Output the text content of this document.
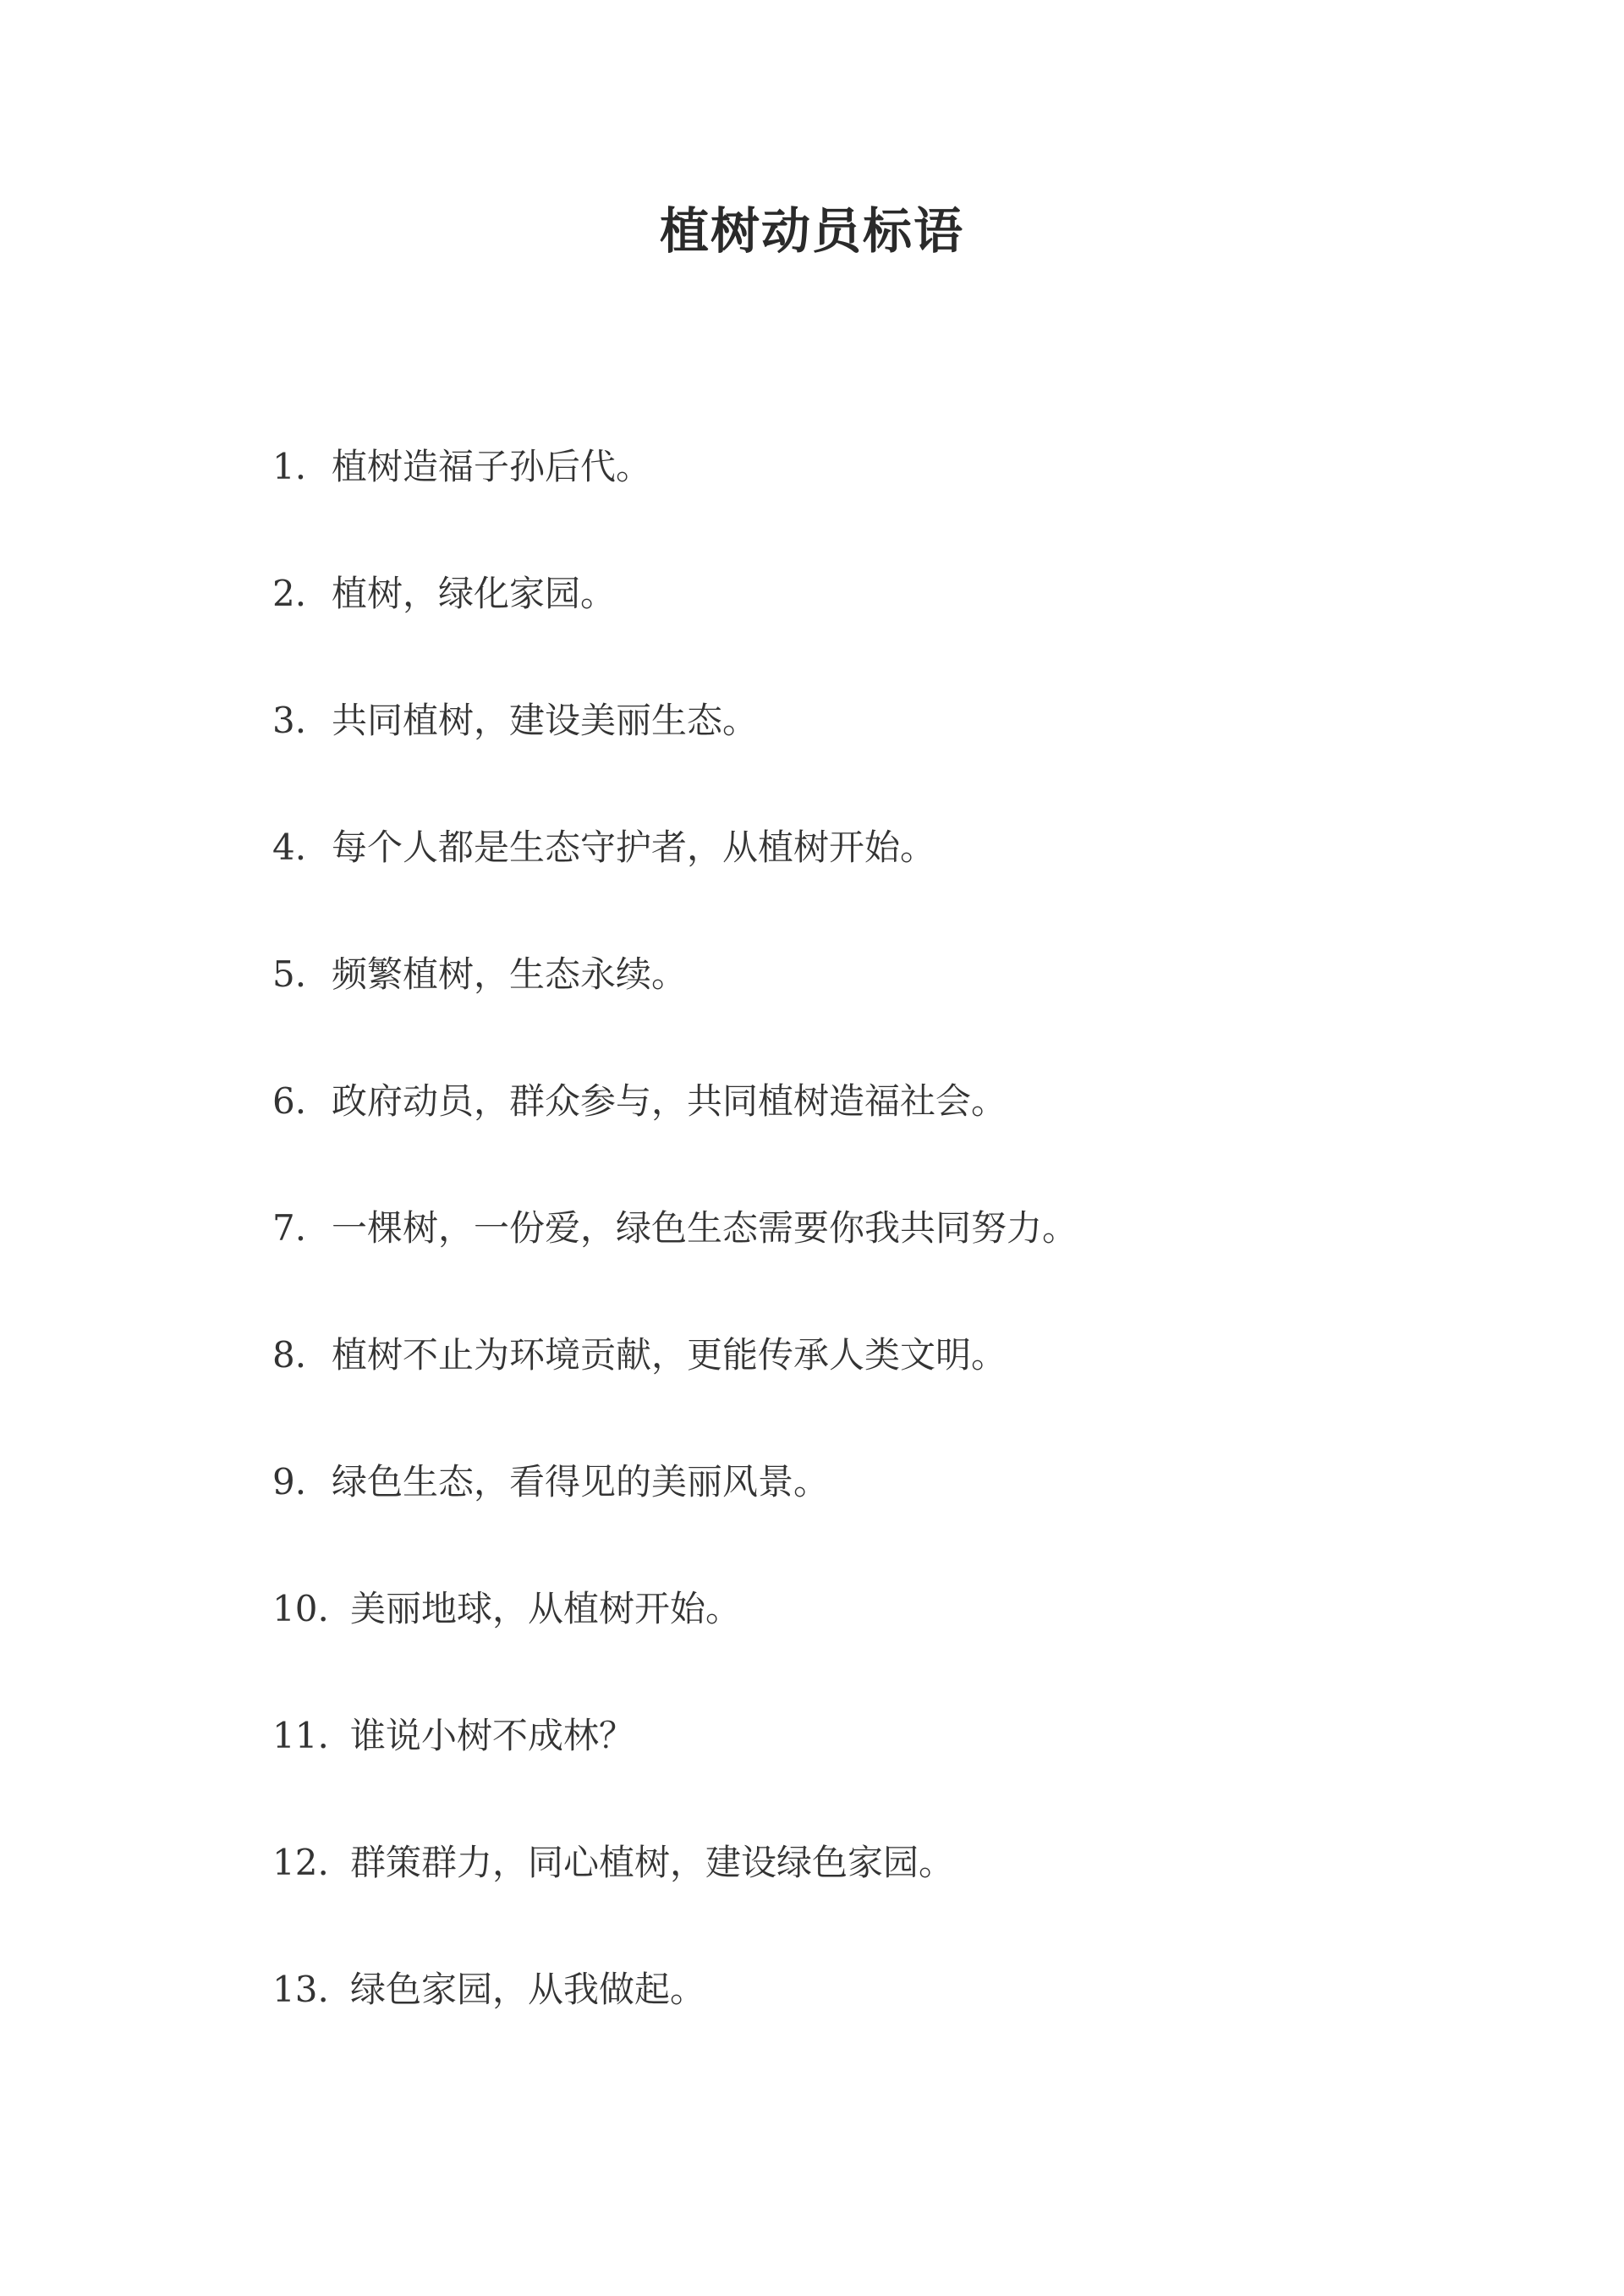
植树动员标语
1. 植树造福子孙后代。
2. 植树，绿化家园。
3. 共同植树，建设美丽生态。
4. 每个人都是生态守护者，从植树开始。
5. 频繁植树，生态永续。
6. 政府动员，群众参与，共同植树造福社会。
7. 一棵树，一份爱，绿色生态需要你我共同努力。
8. 植树不止为环境贡献，更能传承人类文明。
9. 绿色生态，看得见的美丽风景。
10. 美丽地球，从植树开始。
11. 谁说小树不成林？
12. 群策群力，同心植树，建设绿色家园。
13. 绿色家园，从我做起。
